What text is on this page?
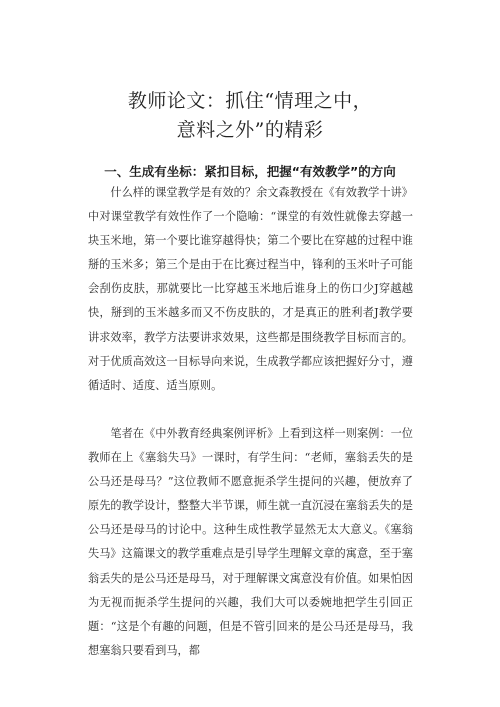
教师论文：抓住“情理之中，
意料之外”的精彩
一、生成有坐标：紧扣目标，把握“有效教学”的方向

什么样的课堂教学是有效的？余文森教授在《有效教学十讲》中对课堂教学有效性作了一个隐喻：“课堂的有效性就像去穿越一块玉米地，第一个要比谁穿越得快；第二个要比在穿越的过程中谁掰的玉米多；第三个是由于在比赛过程当中，锋利的玉米叶子可能会刮伤皮肤，那就要比一比穿越玉米地后谁身上的伤口少J穿越越快，掰到的玉米越多而又不伤皮肤的，才是真正的胜利者J教学要讲求效率，教学方法要讲求效果，这些都是围绕教学目标而言的。对于优质高效这一目标导向来说，生成教学都应该把握好分寸，遵循适时、适度、适当原则。

笔者在《中外教育经典案例评析》上看到这样一则案例：一位教师在上《塞翁失马》一课时，有学生问：“老师，塞翁丢失的是公马还是母马？”这位教师不愿意扼杀学生提问的兴趣，便放弃了原先的教学设计，整整大半节课，师生就一直沉浸在塞翁丢失的是公马还是母马的讨论中。这种生成性教学显然无太大意义。《塞翁失马》这篇课文的教学重难点是引导学生理解文章的寓意，至于塞翁丢失的是公马还是母马，对于理解课文寓意没有价值。如果怕因为无视而扼杀学生提问的兴趣，我们大可以委婉地把学生引回正题：“这是个有趣的问题，但是不管引回来的是公马还是母马，我想塞翁只要看到马，都
